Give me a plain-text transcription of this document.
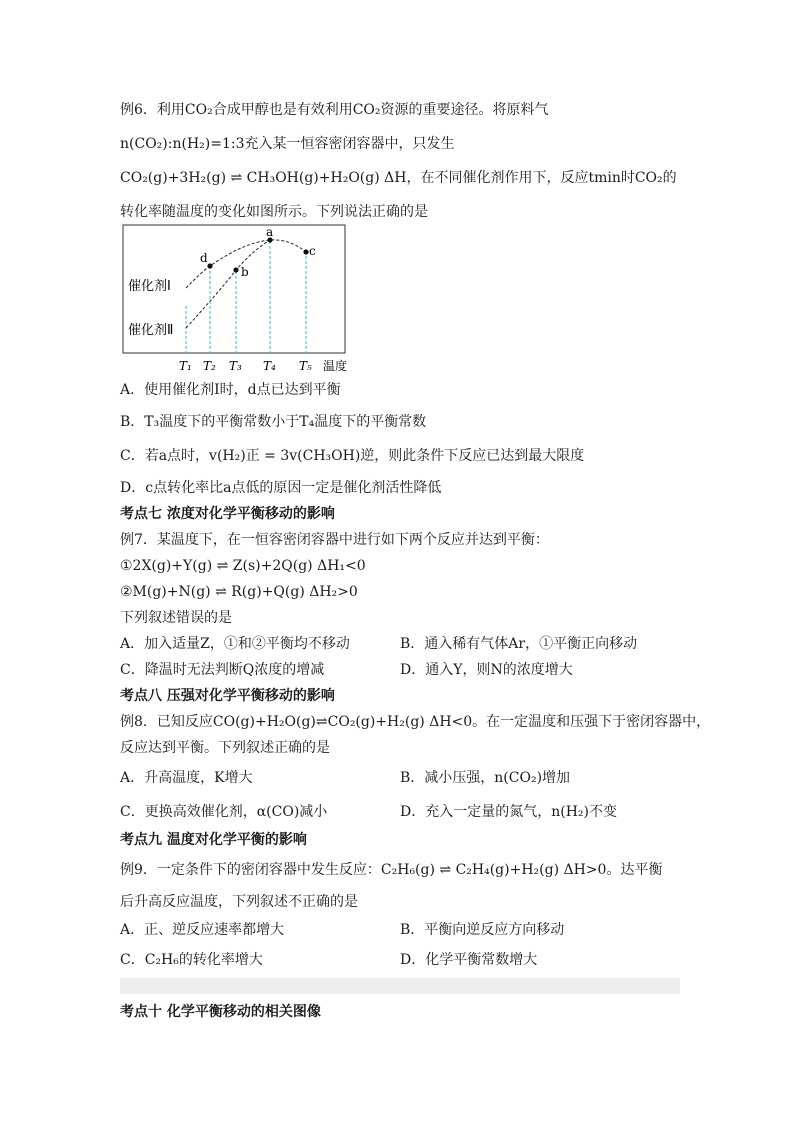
例6．利用CO₂合成甲醇也是有效利用CO₂资源的重要途径。将原料气
n(CO₂):n(H₂)=1:3充入某一恒容密闭容器中，只发生
CO₂(g)+3H₂(g) ⇌ CH₃OH(g)+H₂O(g) ΔH，在不同催化剂作用下，反应tmin时CO₂的
转化率随温度的变化如图所示。下列说法正确的是
a
b
c
d
催化剂Ⅰ
催化剂Ⅱ
T₁ T₂ T₃ T₄ T₅ 温度
A．使用催化剂Ⅰ时，d点已达到平衡
B．T₃温度下的平衡常数小于T₄温度下的平衡常数
C．若a点时，v(H₂)正 = 3v(CH₃OH)逆，则此条件下反应已达到最大限度
D．c点转化率比a点低的原因一定是催化剂活性降低
考点七 浓度对化学平衡移动的影响
例7．某温度下，在一恒容密闭容器中进行如下两个反应并达到平衡：
①2X(g)+Y(g) ⇌ Z(s)+2Q(g) ΔH₁<0
②M(g)+N(g) ⇌ R(g)+Q(g) ΔH₂>0
下列叙述错误的是
A．加入适量Z，①和②平衡均不移动	B．通入稀有气体Ar，①平衡正向移动
C．降温时无法判断Q浓度的增减	D．通入Y，则N的浓度增大
考点八 压强对化学平衡移动的影响
例8．已知反应CO(g)+H₂O(g)⇌CO₂(g)+H₂(g) ΔH<0。在一定温度和压强下于密闭容器中，
反应达到平衡。下列叙述正确的是
A．升高温度，K增大	B．减小压强，n(CO₂)增加
C．更换高效催化剂，α(CO)减小	D．充入一定量的氮气，n(H₂)不变
考点九 温度对化学平衡的影响
例9．一定条件下的密闭容器中发生反应：C₂H₆(g) ⇌ C₂H₄(g)+H₂(g) ΔH>0。达平衡
后升高反应温度，下列叙述不正确的是
A．正、逆反应速率都增大	B．平衡向逆反应方向移动
C．C₂H₆的转化率增大	D．化学平衡常数增大
考点十 化学平衡移动的相关图像
